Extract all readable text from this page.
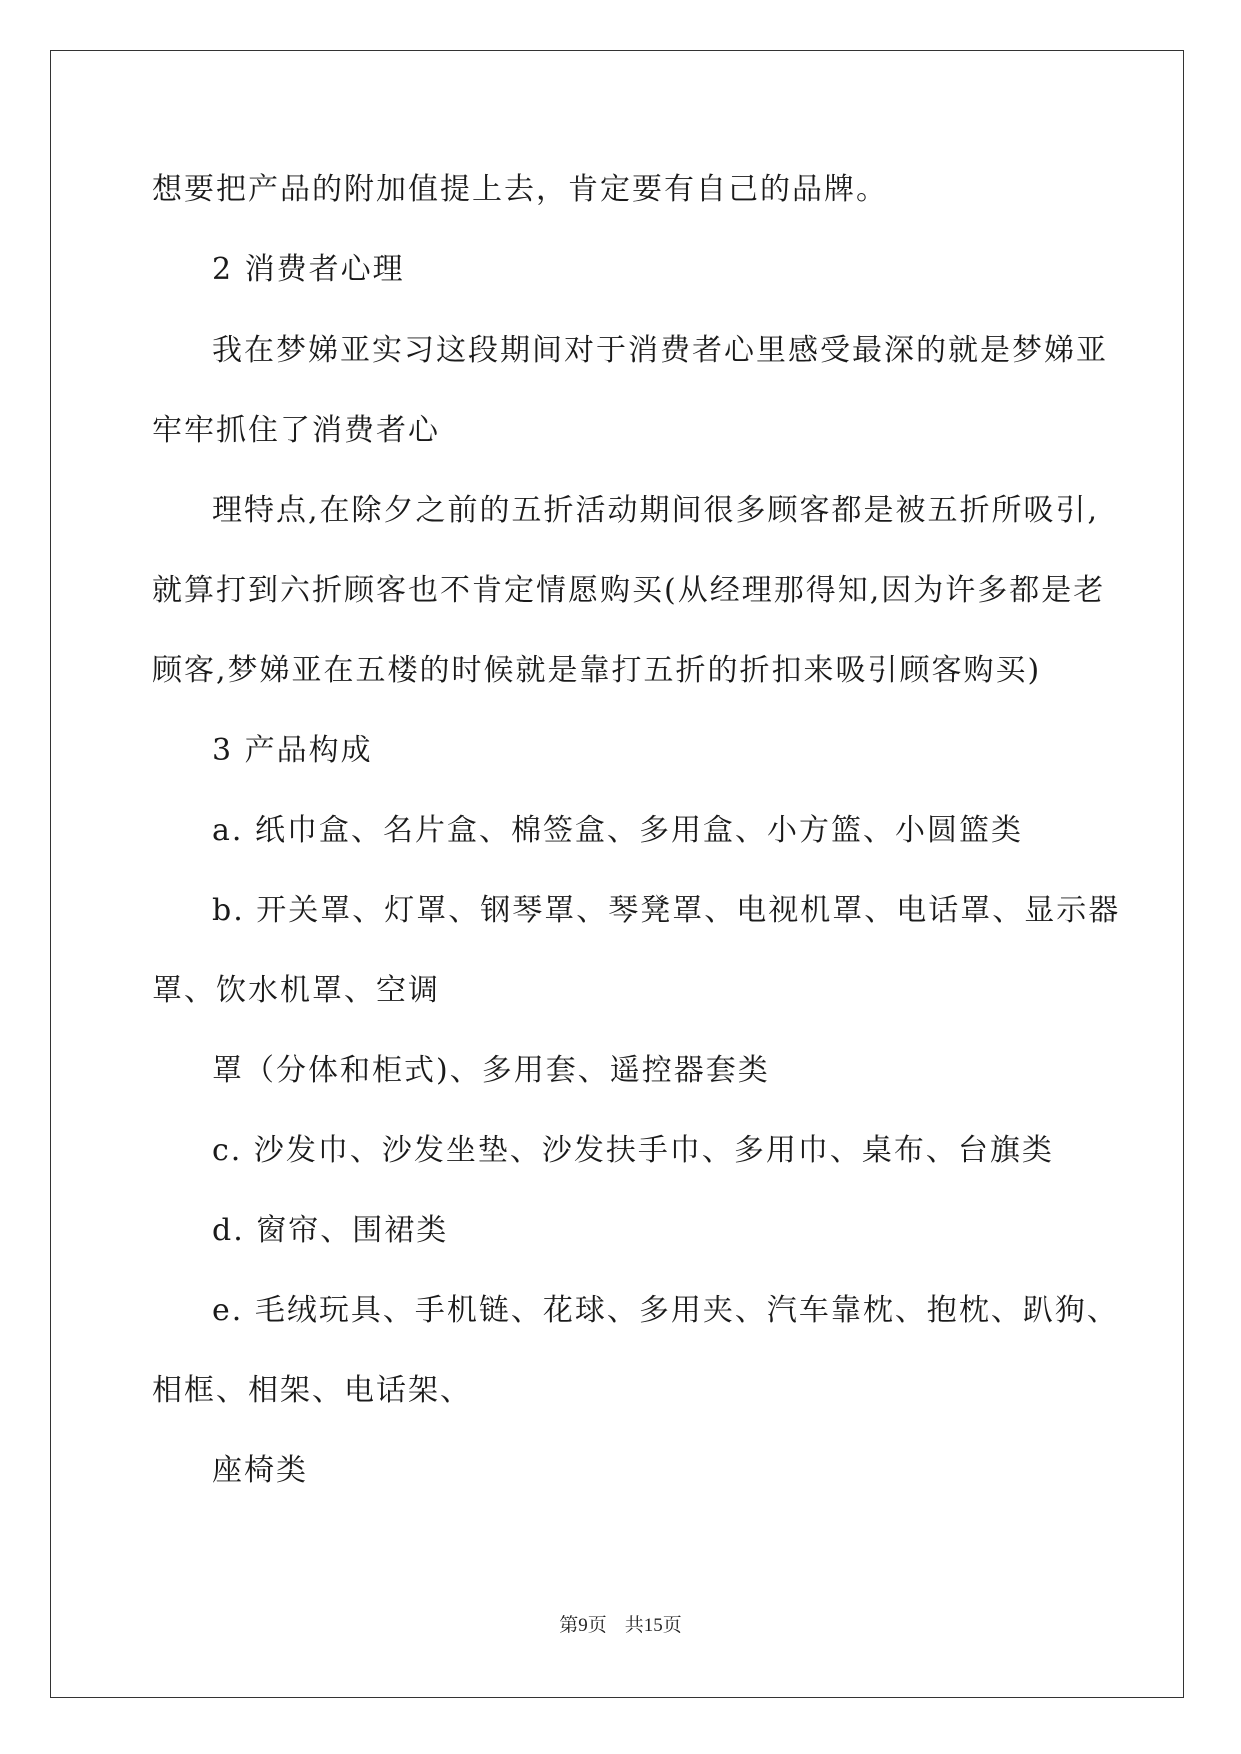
想要把产品的附加值提上去，肯定要有自己的品牌。
2 消费者心理
我在梦娣亚实习这段期间对于消费者心里感受最深的就是梦娣亚
牢牢抓住了消费者心
理特点,在除夕之前的五折活动期间很多顾客都是被五折所吸引,
就算打到六折顾客也不肯定情愿购买(从经理那得知,因为许多都是老
顾客,梦娣亚在五楼的时候就是靠打五折的折扣来吸引顾客购买)
3 产品构成
a. 纸巾盒、名片盒、棉签盒、多用盒、小方篮、小圆篮类
b. 开关罩、灯罩、钢琴罩、琴凳罩、电视机罩、电话罩、显示器
罩、饮水机罩、空调
罩（分体和柜式)、多用套、遥控器套类
c. 沙发巾、沙发坐垫、沙发扶手巾、多用巾、桌布、台旗类
d. 窗帘、围裙类
e. 毛绒玩具、手机链、花球、多用夹、汽车靠枕、抱枕、趴狗、
相框、相架、电话架、
座椅类
第9页 共15页
